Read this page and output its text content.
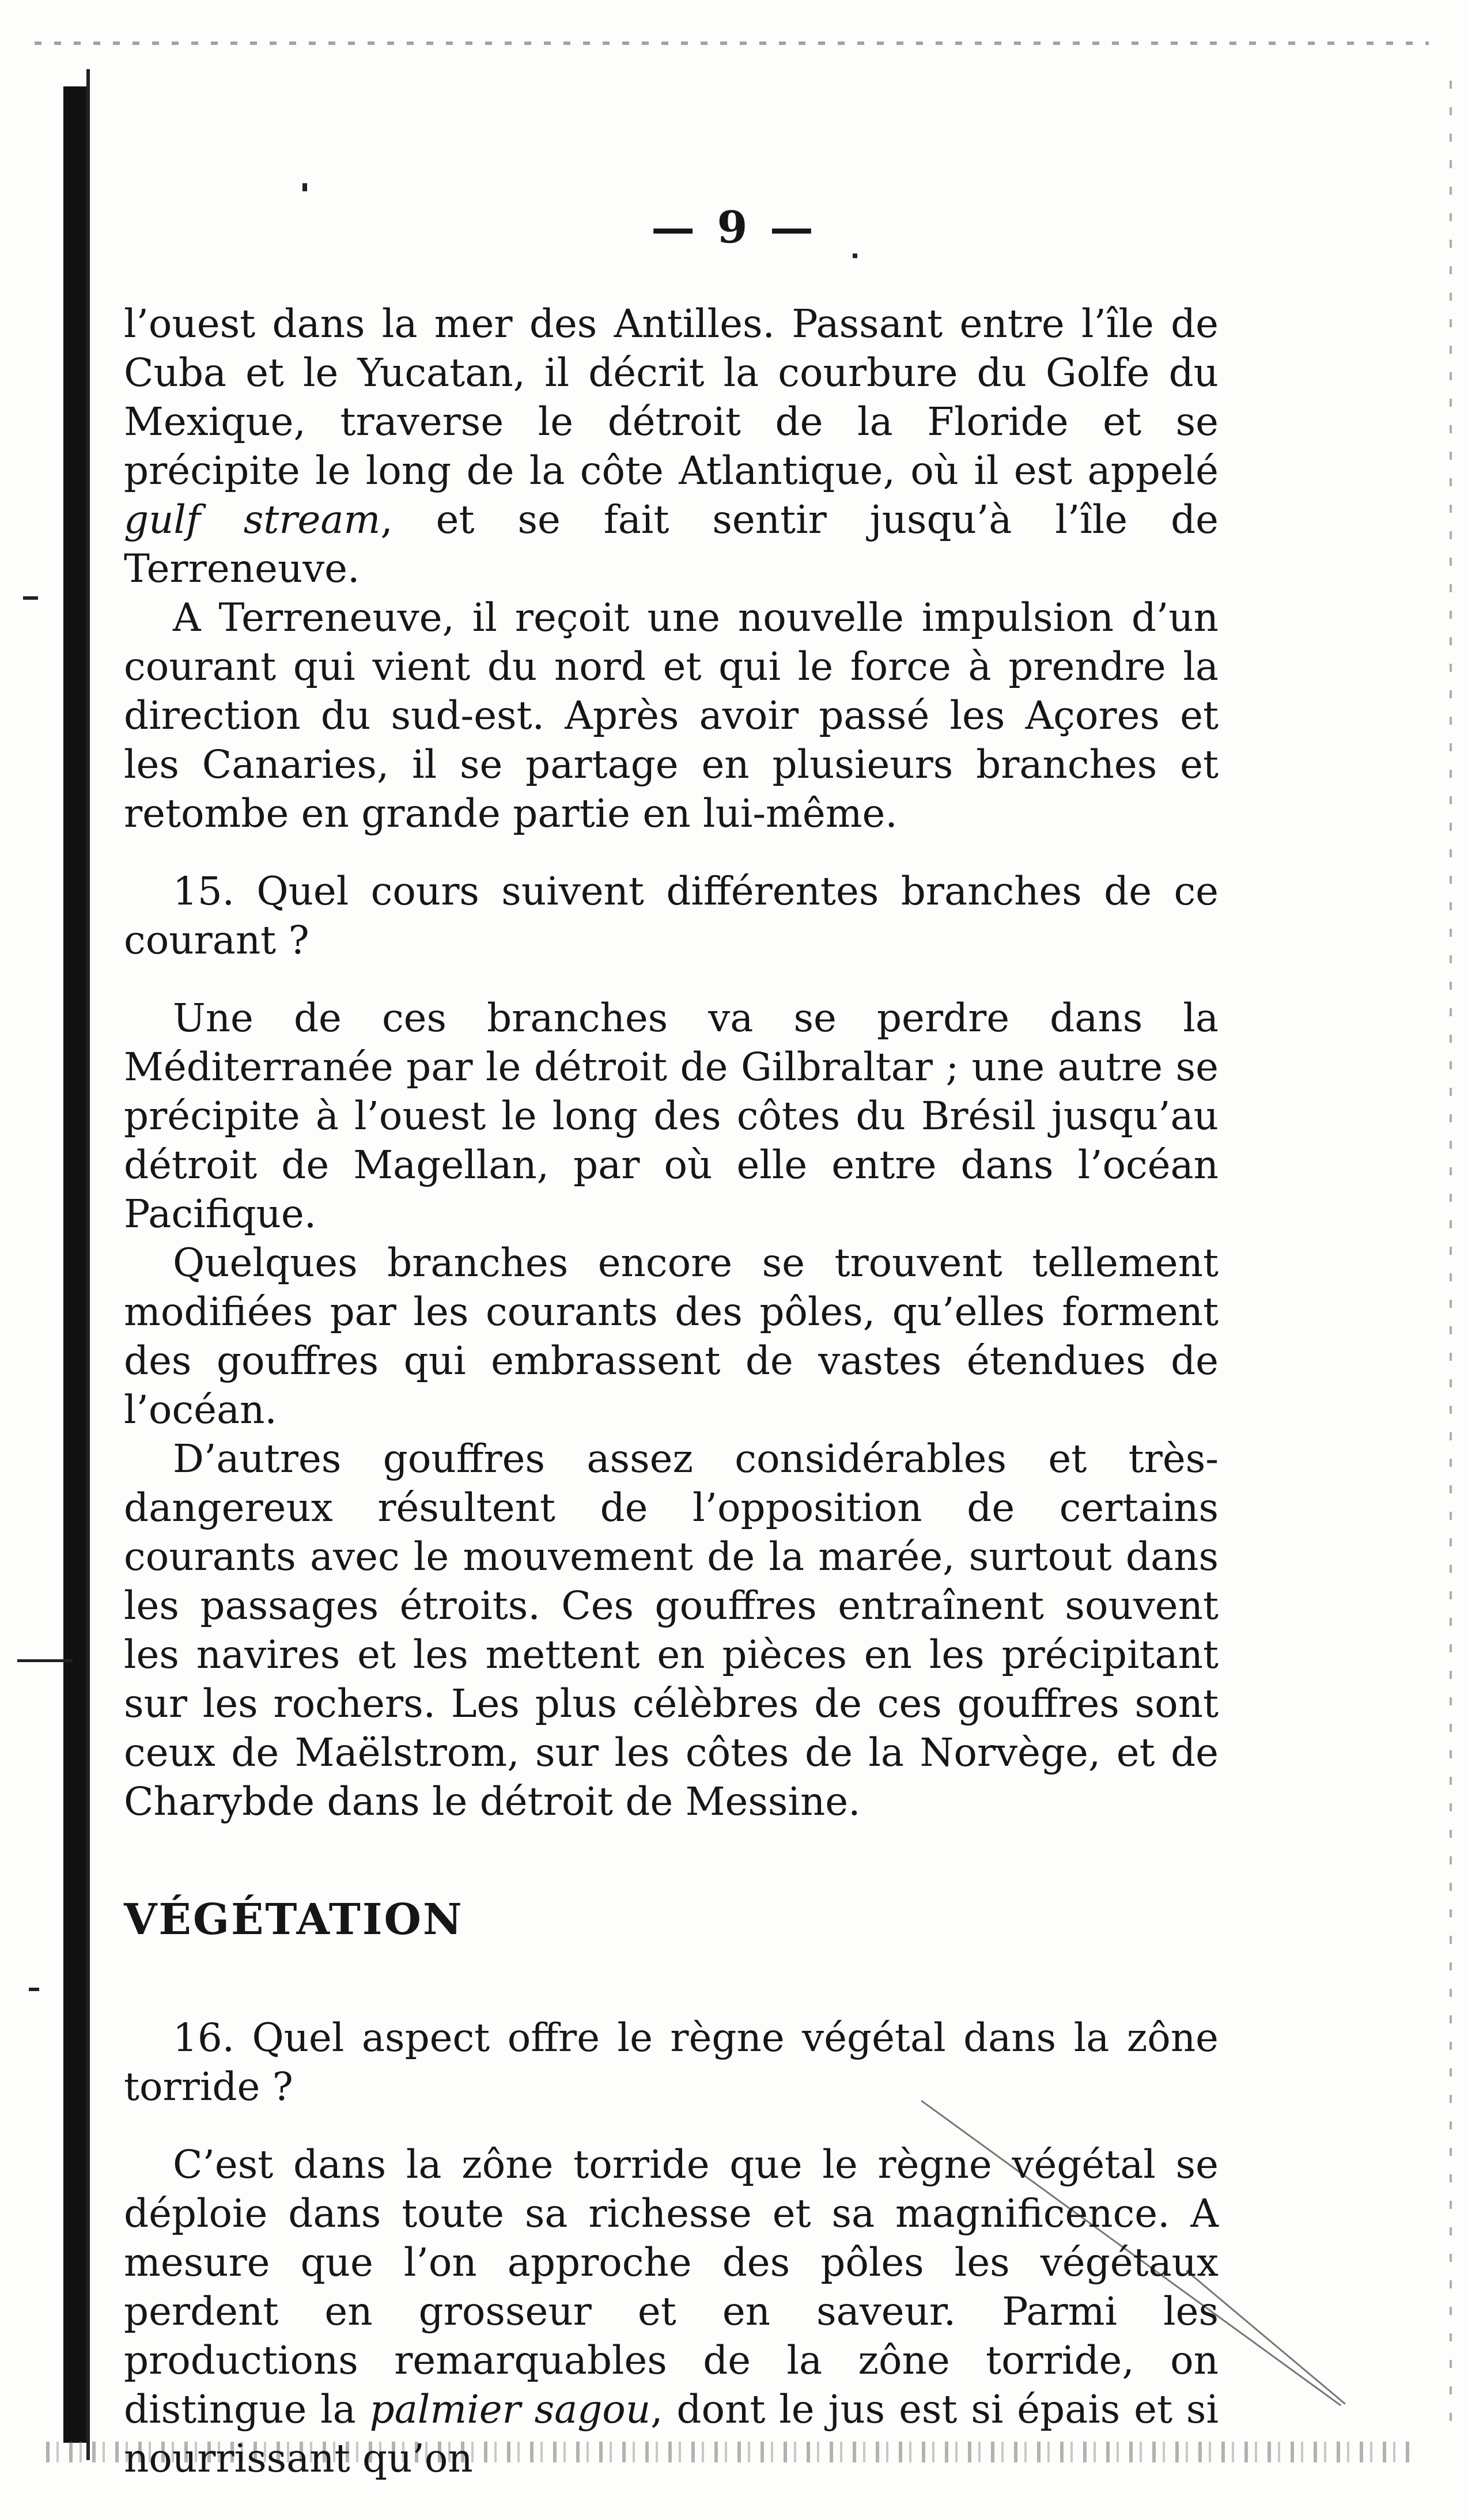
— 9 —

l’ouest dans la mer des Antilles. Passant entre l’île de Cuba et le Yucatan, il décrit la courbure du Golfe du Mexique, traverse le détroit de la Floride et se précipite le long de la côte Atlantique, où il est appelé gulf stream, et se fait sentir jusqu’à l’île de Terreneuve.

A Terreneuve, il reçoit une nouvelle impulsion d’un courant qui vient du nord et qui le force à prendre la direction du sud-est. Après avoir passé les Açores et les Canaries, il se partage en plusieurs branches et retombe en grande partie en lui-même.

15. Quel cours suivent différentes branches de ce courant ?

Une de ces branches va se perdre dans la Méditerranée par le détroit de Gilbraltar ; une autre se précipite à l’ouest le long des côtes du Brésil jusqu’au détroit de Magellan, par où elle entre dans l’océan Pacifique.

Quelques branches encore se trouvent tellement modifiées par les courants des pôles, qu’elles forment des gouffres qui embrassent de vastes étendues de l’océan.

D’autres gouffres assez considérables et très-dangereux résultent de l’opposition de certains courants avec le mouvement de la marée, surtout dans les passages étroits. Ces gouffres entraînent souvent les navires et les mettent en pièces en les précipitant sur les rochers. Les plus célèbres de ces gouffres sont ceux de Maëlstrom, sur les côtes de la Norvège, et de Charybde dans le détroit de Messine.

VÉGÉTATION

16. Quel aspect offre le règne végétal dans la zône torride ?

C’est dans la zône torride que le règne végétal se déploie dans toute sa richesse et sa magnificence. A mesure que l’on approche des pôles les végétaux perdent en grosseur et en saveur. Parmi les productions remarquables de la zône torride, on distingue la palmier sagou, dont le jus est si épais et si nourrissant qu’on
